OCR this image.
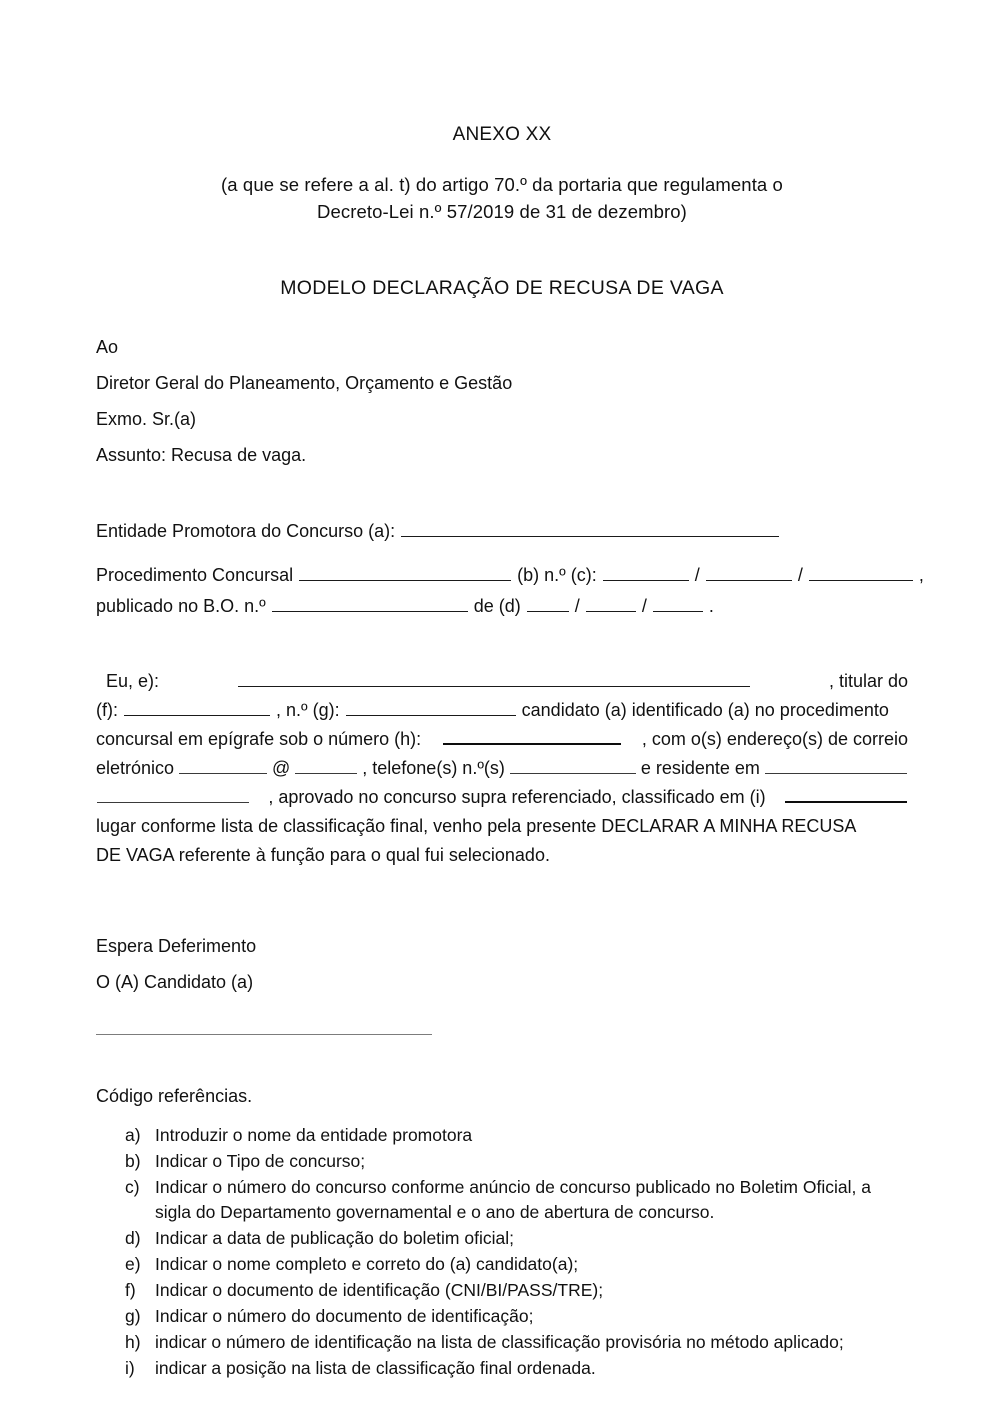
ANEXO XX
(a que se refere a al. t) do artigo 70.º da portaria que regulamenta o
Decreto-Lei n.º 57/2019 de 31 de dezembro)
MODELO DECLARAÇÃO DE RECUSA DE VAGA
Ao
Diretor Geral do Planeamento, Orçamento e Gestão
Exmo. Sr.(a)
Assunto: Recusa de vaga.
Entidade Promotora do Concurso (a):
Procedimento Concursal	(b) n.º (c):	/	/	,
publicado no B.O. n.º	de (d)	/	/	.
Eu, e):	, titular do
(f):	, n.º (g):	candidato (a) identificado (a) no procedimento
concursal em epígrafe sob o número (h):	, com o(s) endereço(s) de correio
eletrónico	@	, telefone(s) n.º(s)	e residente em
, aprovado no concurso supra referenciado, classificado em (i)
lugar conforme lista de classificação final, venho pela presente DECLARAR A MINHA RECUSA
DE VAGA referente à função para o qual fui selecionado.
Espera Deferimento
O (A) Candidato (a)
Código referências.
a) Introduzir o nome da entidade promotora
b) Indicar o Tipo de concurso;
c) Indicar o número do concurso conforme anúncio de concurso publicado no Boletim Oficial, a sigla do Departamento governamental e o ano de abertura de concurso.
d) Indicar a data de publicação do boletim oficial;
e) Indicar o nome completo e correto do (a) candidato(a);
f)	Indicar o documento de identificação (CNI/BI/PASS/TRE);
g) Indicar o número do documento de identificação;
h) indicar o número de identificação na lista de classificação provisória no método aplicado;
i)	indicar a posição na lista de classificação final ordenada.
